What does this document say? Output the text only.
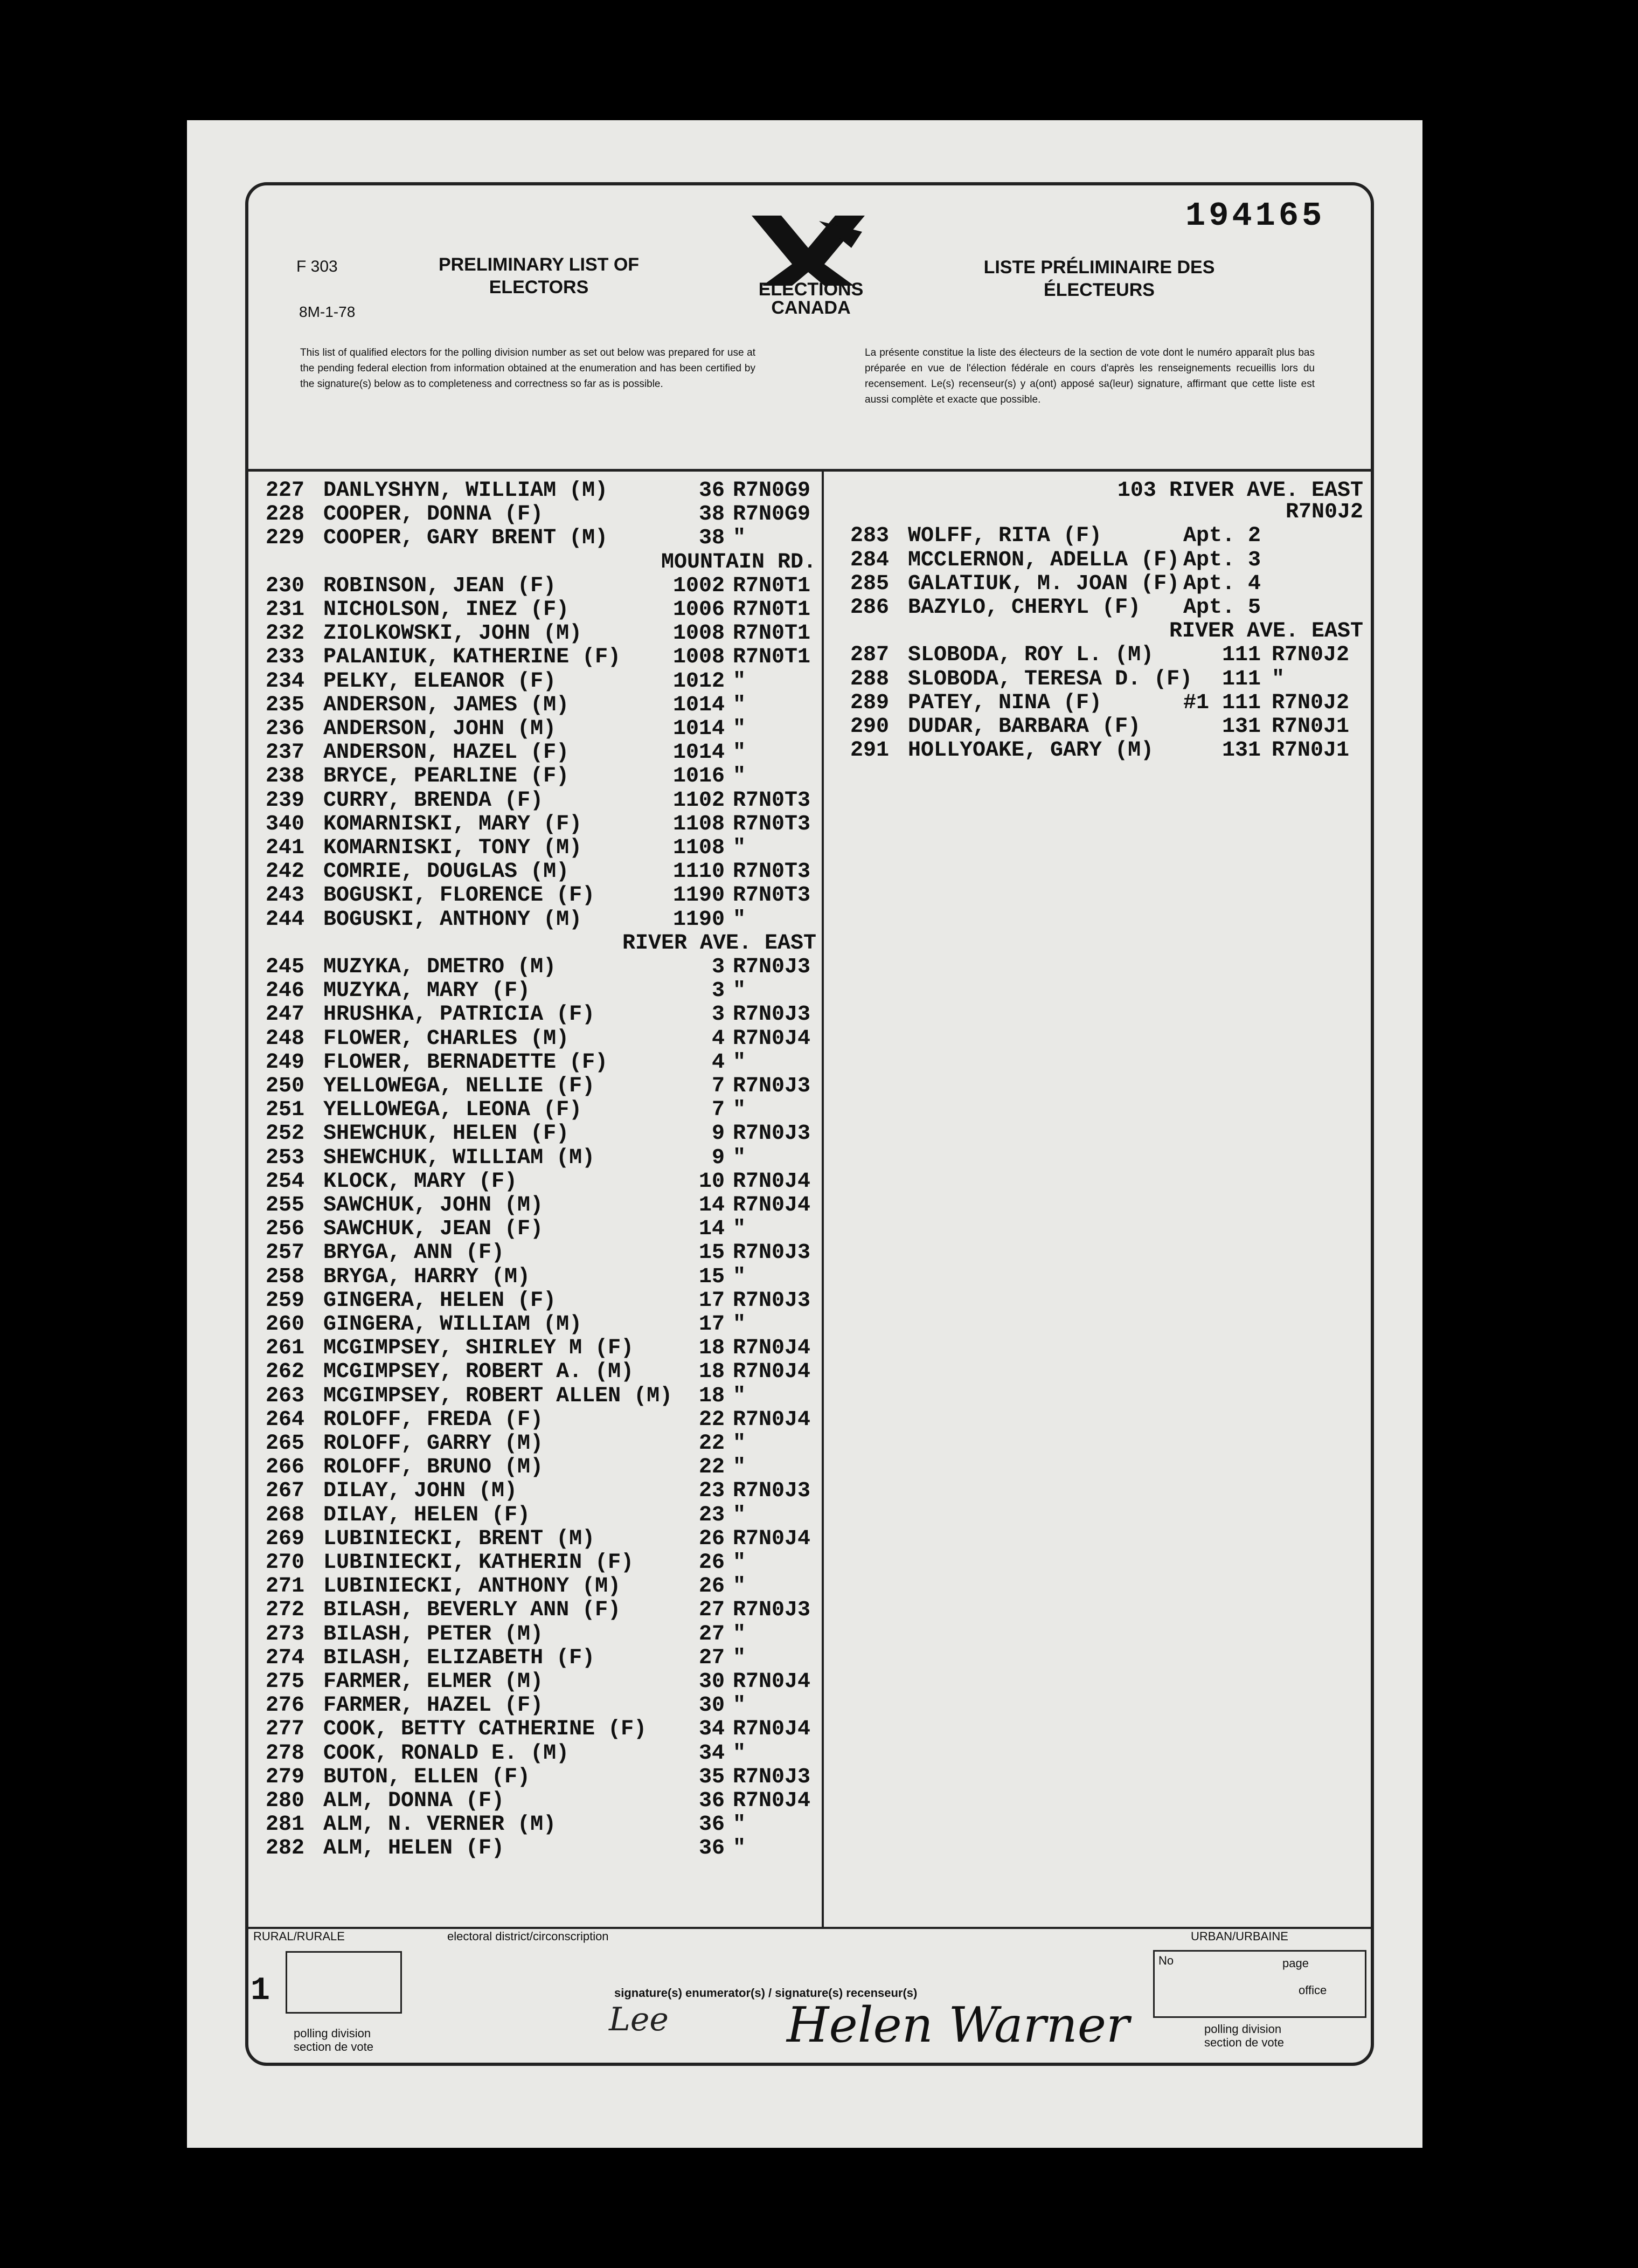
194165
F 303
8M-1-78
PRELIMINARY LIST OF
ELECTORS	ELECTIONS
CANADA
LISTE PRÉLIMINAIRE DES
ÉLECTEURS
This list of qualified electors for the polling division number as set out below was prepared for use at the pending federal election from information obtained at the enumeration and has been certified by the signature(s) below as to completeness and correctness so far as is possible.
La présente constitue la liste des électeurs de la section de vote dont le numéro apparaît plus bas préparée en vue de l'élection fédérale en cours d'après les renseignements recueillis lors du recensement. Le(s) recenseur(s) y a(ont) apposé sa(leur) signature, affirmant que cette liste est aussi complète et exacte que possible.
227 DANLYSHYN, WILLIAM (M)	36 R7N0G9
228 COOPER, DONNA (F)	38 R7N0G9
229 COOPER, GARY BRENT (M)	38 "
MOUNTAIN RD.
230 ROBINSON, JEAN (F)	1002 R7N0T1
231 NICHOLSON, INEZ (F)	1006 R7N0T1
232 ZIOLKOWSKI, JOHN (M)	1008 R7N0T1
233 PALANIUK, KATHERINE (F)	1008 R7N0T1
234 PELKY, ELEANOR (F)	1012 "
235 ANDERSON, JAMES (M)	1014 "
236 ANDERSON, JOHN (M)	1014 "
237 ANDERSON, HAZEL (F)	1014 "
238 BRYCE, PEARLINE (F)	1016 "
239 CURRY, BRENDA (F)	1102 R7N0T3
340 KOMARNISKI, MARY (F)	1108 R7N0T3
241 KOMARNISKI, TONY (M)	1108 "
242 COMRIE, DOUGLAS (M)	1110 R7N0T3
243 BOGUSKI, FLORENCE (F)	1190 R7N0T3
244 BOGUSKI, ANTHONY (M)	1190 "
RIVER AVE. EAST
245 MUZYKA, DMETRO (M)	3 R7N0J3
246 MUZYKA, MARY (F)	3 "
247 HRUSHKA, PATRICIA (F)	3 R7N0J3
248 FLOWER, CHARLES (M)	4 R7N0J4
249 FLOWER, BERNADETTE (F)	4 "
250 YELLOWEGA, NELLIE (F)	7 R7N0J3
251 YELLOWEGA, LEONA (F)	7 "
252 SHEWCHUK, HELEN (F)	9 R7N0J3
253 SHEWCHUK, WILLIAM (M)	9 "
254 KLOCK, MARY (F)	10 R7N0J4
255 SAWCHUK, JOHN (M)	14 R7N0J4
256 SAWCHUK, JEAN (F)	14 "
257 BRYGA, ANN (F)	15 R7N0J3
258 BRYGA, HARRY (M)	15 "
259 GINGERA, HELEN (F)	17 R7N0J3
260 GINGERA, WILLIAM (M)	17 "
261 MCGIMPSEY, SHIRLEY M (F)	18 R7N0J4
262 MCGIMPSEY, ROBERT A. (M)	18 R7N0J4
263 MCGIMPSEY, ROBERT ALLEN (M)	18 "
264 ROLOFF, FREDA (F)	22 R7N0J4
265 ROLOFF, GARRY (M)	22 "
266 ROLOFF, BRUNO (M)	22 "
267 DILAY, JOHN (M)	23 R7N0J3
268 DILAY, HELEN (F)	23 "
269 LUBINIECKI, BRENT (M)	26 R7N0J4
270 LUBINIECKI, KATHERIN (F)	26 "
271 LUBINIECKI, ANTHONY (M)	26 "
272 BILASH, BEVERLY ANN (F)	27 R7N0J3
273 BILASH, PETER (M)	27 "
274 BILASH, ELIZABETH (F)	27 "
275 FARMER, ELMER (M)	30 R7N0J4
276 FARMER, HAZEL (F)	30 "
277 COOK, BETTY CATHERINE (F)	34 R7N0J4
278 COOK, RONALD E. (M)	34 "
279 BUTON, ELLEN (F)	35 R7N0J3
280 ALM, DONNA (F)	36 R7N0J4
281 ALM, N. VERNER (M)	36 "
282 ALM, HELEN (F)	36 "
103 RIVER AVE. EAST
R7N0J2
283 WOLFF, RITA (F)	Apt. 2
284 MCCLERNON, ADELLA (F) Apt. 3
285 GALATIUK, M. JOAN (F) Apt. 4
286 BAZYLO, CHERYL (F)	Apt. 5
RIVER AVE. EAST
287 SLOBODA, ROY L. (M)	111 R7N0J2
288 SLOBODA, TERESA D. (F)	111 "
289 PATEY, NINA (F)	#1 111 R7N0J2
290 DUDAR, BARBARA (F)	131 R7N0J1
291 HOLLYOAKE, GARY (M)	131 R7N0J1
RURAL/RURALE	electoral district/circonscription	URBAN/URBAINE
1
polling division
section de vote
signature(s) enumerator(s) / signature(s) recenseur(s)
Lee Helen Warner
No	page
office
polling division
section de vote
